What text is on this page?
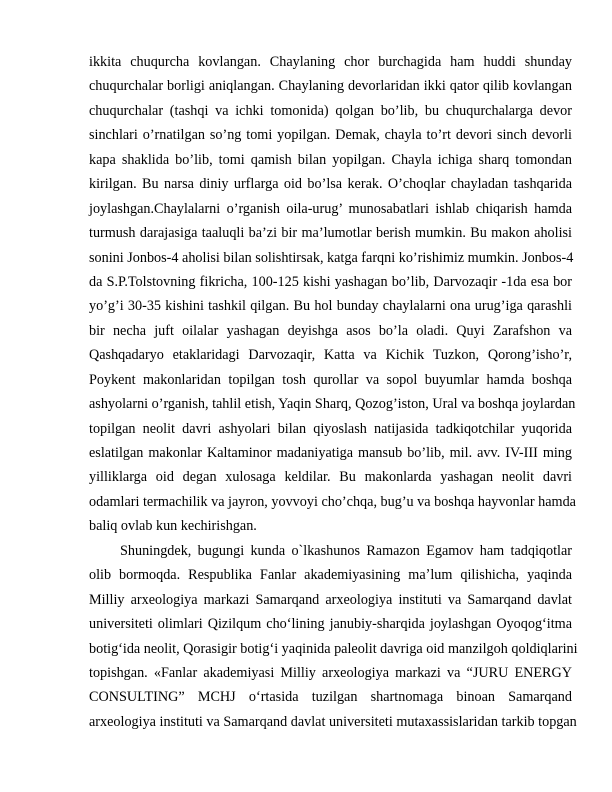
ikkita chuqurcha kovlangan. Chaylaning chor burchagida ham huddi shunday
chuqurchalar borligi aniqlangan. Chaylaning devorlaridan ikki qator qilib kovlangan
chuqurchalar (tashqi va ichki tomonida) qolgan bo’lib, bu chuqurchalarga devor
sinchlari o’rnatilgan so’ng tomi yopilgan. Demak, chayla to’rt devori sinch devorli
kapa shaklida bo’lib, tomi qamish bilan yopilgan. Chayla ichiga sharq tomondan
kirilgan. Bu narsa diniy urflarga oid bo’lsa kerak. O’choqlar chayladan tashqarida
joylashgan.Chaylalarni o’rganish oila-urug’ munosabatlari ishlab chiqarish hamda
turmush darajasiga taaluqli ba’zi bir ma’lumotlar berish mumkin. Bu makon aholisi
sonini Jonbos-4 aholisi bilan solishtirsak, katga farqni ko’rishimiz mumkin. Jonbos-4
da S.P.Tolstovning fikricha, 100-125 kishi yashagan bo’lib, Darvozaqir -1da esa bor
yo’g’i 30-35 kishini tashkil qilgan. Bu hol bunday chaylalarni ona urug’iga qarashli
bir necha juft oilalar yashagan deyishga asos bo’la oladi. Quyi Zarafshon va
Qashqadaryo etaklaridagi Darvozaqir, Katta va Kichik Tuzkon, Qorong’isho’r,
Poykent makonlaridan topilgan tosh qurollar va sopol buyumlar hamda boshqa
ashyolarni o’rganish, tahlil etish, Yaqin Sharq, Qozog’iston, Ural va boshqa joylardan
topilgan neolit davri ashyolari bilan qiyoslash natijasida tadkiqotchilar yuqorida
eslatilgan makonlar Kaltaminor madaniyatiga mansub bo’lib, mil. avv. IV-III ming
yilliklarga oid degan xulosaga keldilar. Bu makonlarda yashagan neolit davri
odamlari termachilik va jayron, yovvoyi cho’chqa, bug’u va boshqa hayvonlar hamda
baliq ovlab kun kechirishgan.
Shuningdek, bugungi kunda o`lkashunos Ramazon Egamov ham tadqiqotlar
olib bormoqda. Respublika Fanlar akademiyasining maʼlum qilishicha, yaqinda
Milliy arxeologiya markazi Samarqand arxeologiya instituti va Samarqand davlat
universiteti olimlari Qizilqum choʻlining janubiy-sharqida joylashgan Oyoqogʻitma
botigʻida neolit, Qorasigir botigʻi yaqinida paleolit davriga oid manzilgoh qoldiqlarini
topishgan. «Fanlar akademiyasi Milliy arxeologiya markazi va “JURU ENERGY
CONSULTING” MCHJ oʻrtasida tuzilgan shartnomaga binoan Samarqand
arxeologiya instituti va Samarqand davlat universiteti mutaxassislaridan tarkib topgan
